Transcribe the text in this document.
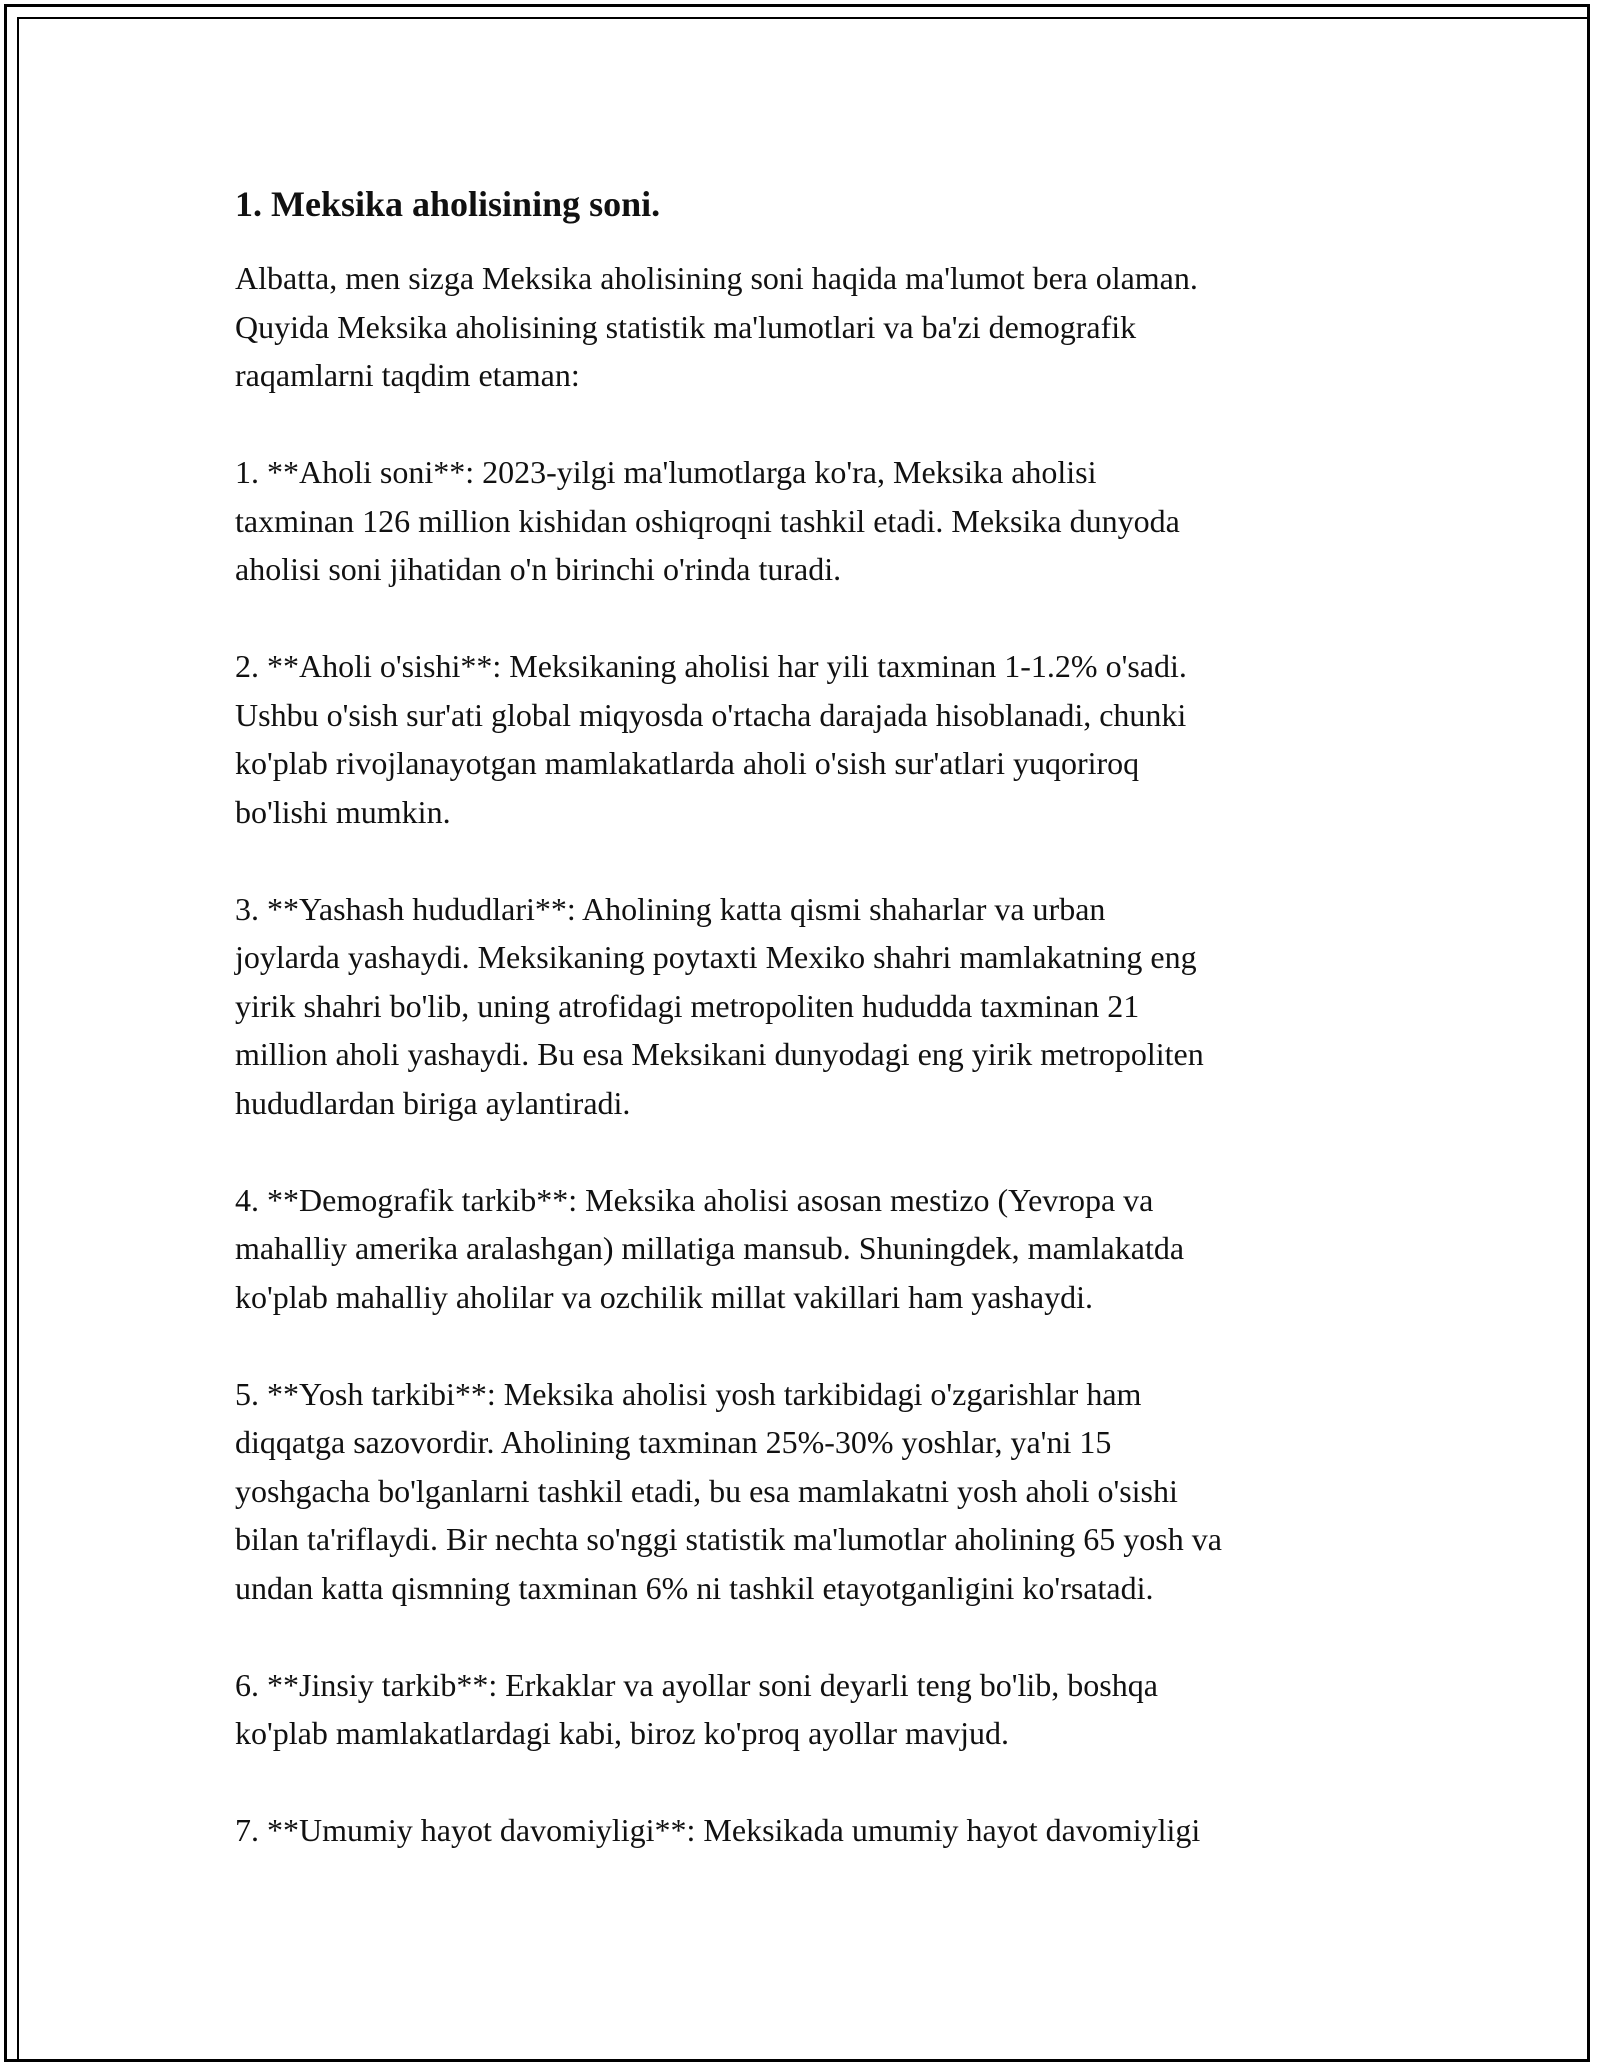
1. Meksika aholisining soni.

Albatta, men sizga Meksika aholisining soni haqida ma'lumot bera olaman.
Quyida Meksika aholisining statistik ma'lumotlari va ba'zi demografik
raqamlarni taqdim etaman:

1. **Aholi soni**: 2023-yilgi ma'lumotlarga ko'ra, Meksika aholisi
taxminan 126 million kishidan oshiqroqni tashkil etadi. Meksika dunyoda
aholisi soni jihatidan o'n birinchi o'rinda turadi.

2. **Aholi o'sishi**: Meksikaning aholisi har yili taxminan 1-1.2% o'sadi.
Ushbu o'sish sur'ati global miqyosda o'rtacha darajada hisoblanadi, chunki
ko'plab rivojlanayotgan mamlakatlarda aholi o'sish sur'atlari yuqoriroq
bo'lishi mumkin.

3. **Yashash hududlari**: Aholining katta qismi shaharlar va urban
joylarda yashaydi. Meksikaning poytaxti Mexiko shahri mamlakatning eng
yirik shahri bo'lib, uning atrofidagi metropoliten hududda taxminan 21
million aholi yashaydi. Bu esa Meksikani dunyodagi eng yirik metropoliten
hududlardan biriga aylantiradi.

4. **Demografik tarkib**: Meksika aholisi asosan mestizo (Yevropa va
mahalliy amerika aralashgan) millatiga mansub. Shuningdek, mamlakatda
ko'plab mahalliy aholilar va ozchilik millat vakillari ham yashaydi.

5. **Yosh tarkibi**: Meksika aholisi yosh tarkibidagi o'zgarishlar ham
diqqatga sazovordir. Aholining taxminan 25%-30% yoshlar, ya'ni 15
yoshgacha bo'lganlarni tashkil etadi, bu esa mamlakatni yosh aholi o'sishi
bilan ta'riflaydi. Bir nechta so'nggi statistik ma'lumotlar aholining 65 yosh va
undan katta qismning taxminan 6% ni tashkil etayotganligini ko'rsatadi.

6. **Jinsiy tarkib**: Erkaklar va ayollar soni deyarli teng bo'lib, boshqa
ko'plab mamlakatlardagi kabi, biroz ko'proq ayollar mavjud.

7. **Umumiy hayot davomiyligi**: Meksikada umumiy hayot davomiyligi
